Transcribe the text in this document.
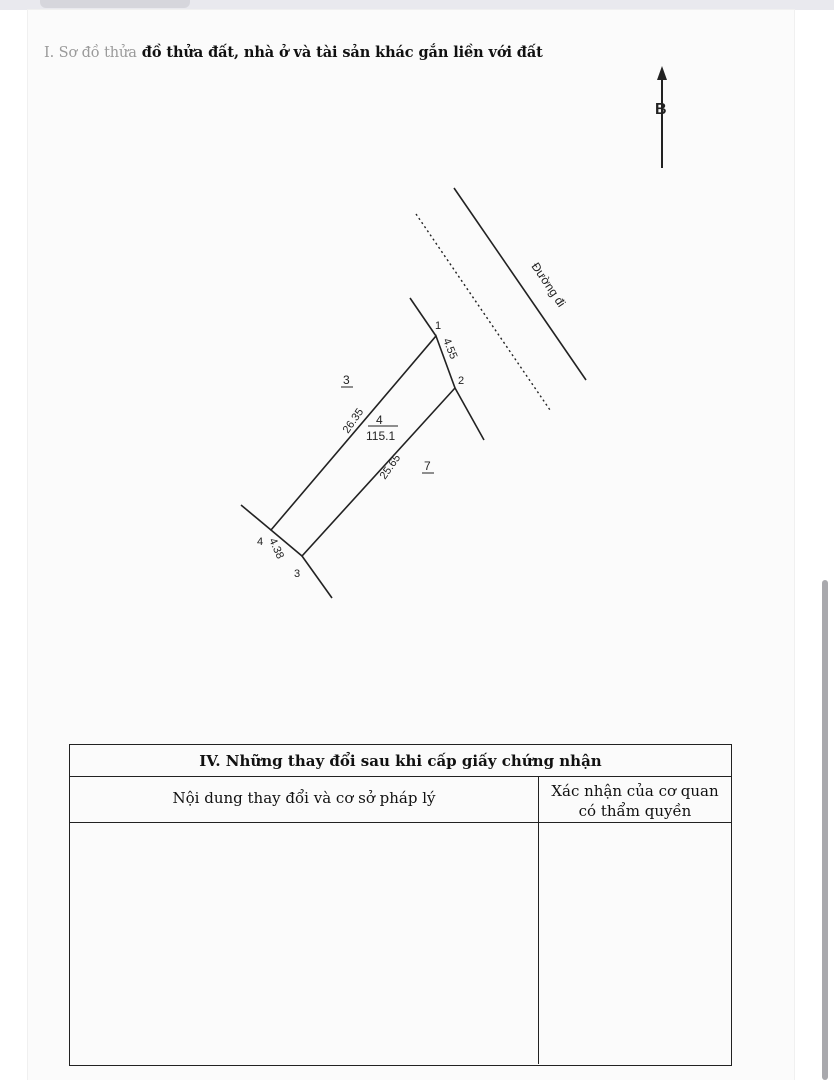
I. Sơ đồ thửa đồ thửa đất, nhà ở và tài sản khác gắn liền với đất

B
Đường đi
1
2
3
4
4.55
25.65
4.38
26.35 4
115.1
3
7
IV. Những thay đổi sau khi cấp giấy chứng nhận
Nội dung thay đổi và cơ sở pháp lý	Xác nhận của cơ quan
có thẩm quyền
